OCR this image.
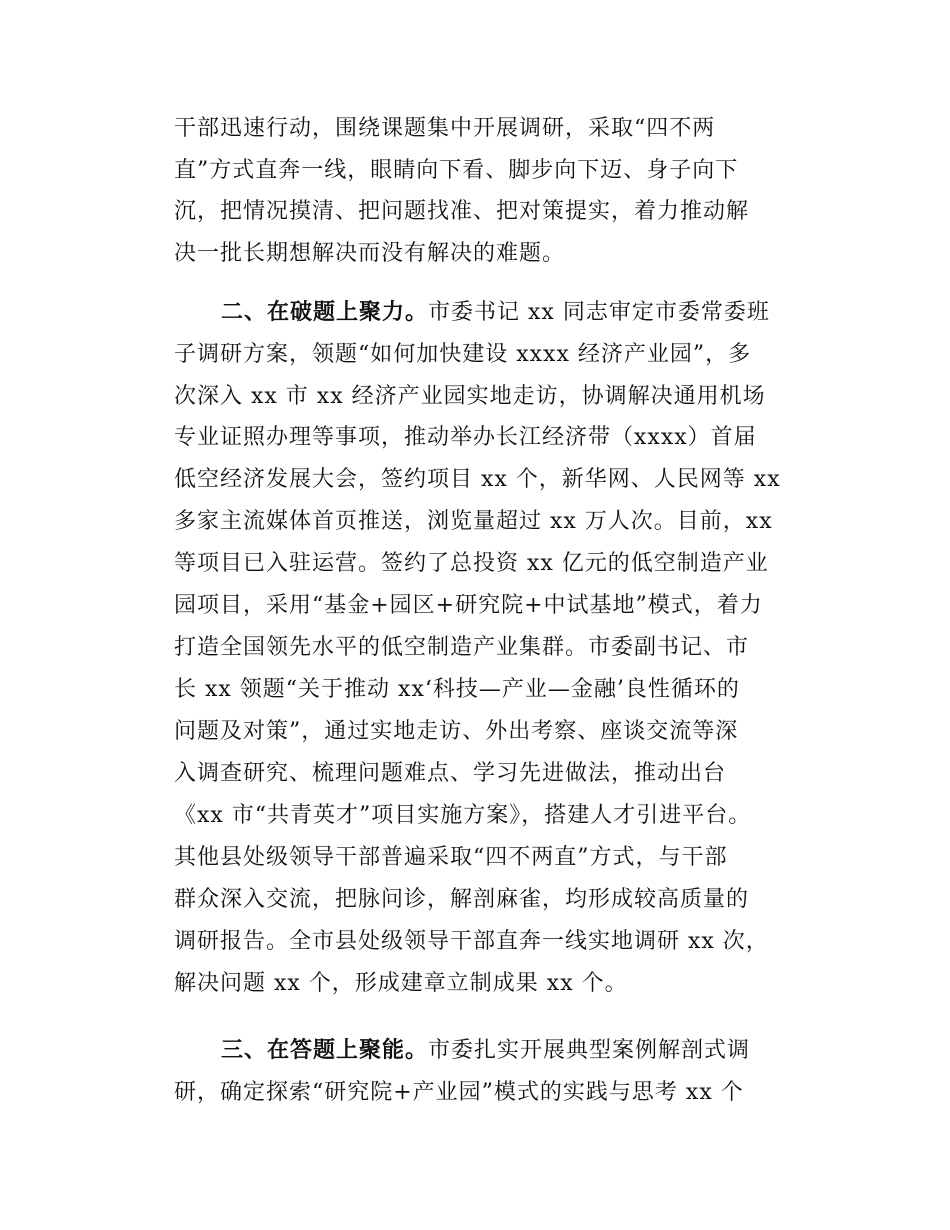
干部迅速行动，围绕课题集中开展调研，采取“四不两
直”方式直奔一线，眼睛向下看、脚步向下迈、身子向下
沉，把情况摸清、把问题找准、把对策提实，着力推动解
决一批长期想解决而没有解决的难题。
二、在破题上聚力。市委书记 xx 同志审定市委常委班
子调研方案，领题“如何加快建设 xxxx 经济产业园”，多
次深入 xx 市 xx 经济产业园实地走访，协调解决通用机场
专业证照办理等事项，推动举办长江经济带（xxxx）首届
低空经济发展大会，签约项目 xx 个，新华网、人民网等 xx
多家主流媒体首页推送，浏览量超过 xx 万人次。目前，xx
等项目已入驻运营。签约了总投资 xx 亿元的低空制造产业
园项目，采用“基金+园区+研究院+中试基地”模式，着力
打造全国领先水平的低空制造产业集群。市委副书记、市
长 xx 领题“关于推动 xx‘科技—产业—金融’良性循环的
问题及对策”，通过实地走访、外出考察、座谈交流等深
入调查研究、梳理问题难点、学习先进做法，推动出台
《xx 市“共青英才”项目实施方案》，搭建人才引进平台。
其他县处级领导干部普遍采取“四不两直”方式，与干部
群众深入交流，把脉问诊，解剖麻雀，均形成较高质量的
调研报告。全市县处级领导干部直奔一线实地调研 xx 次，
解决问题 xx 个，形成建章立制成果 xx 个。
三、在答题上聚能。市委扎实开展典型案例解剖式调
研，确定探索“研究院+产业园”模式的实践与思考 xx 个
